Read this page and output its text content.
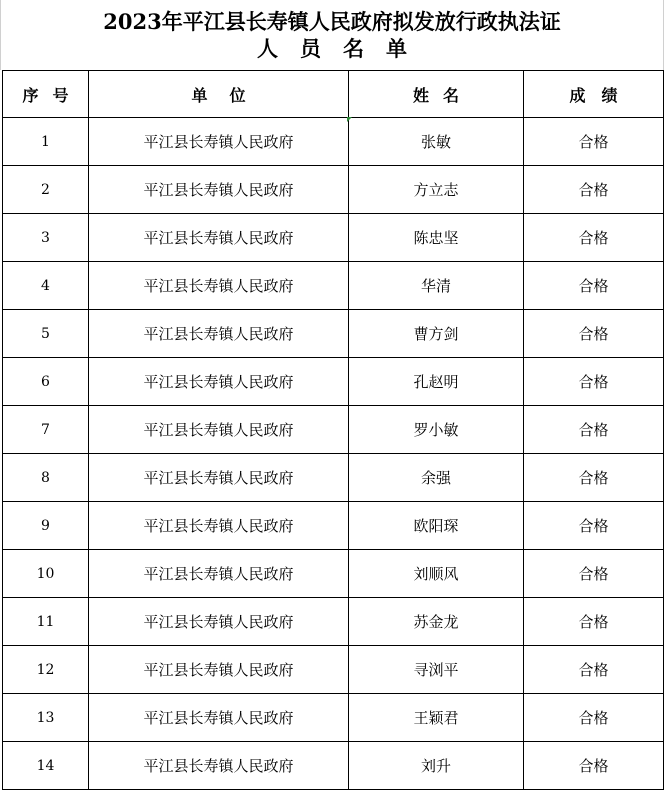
2023年平江县长寿镇人民政府拟发放行政执法证
人员名单
序号	单位	姓名	成绩
1	平江县长寿镇人民政府	张敏	合格
2	平江县长寿镇人民政府	方立志	合格
3	平江县长寿镇人民政府	陈忠坚	合格
4	平江县长寿镇人民政府	华清	合格
5	平江县长寿镇人民政府	曹方剑	合格
6	平江县长寿镇人民政府	孔赵明	合格
7	平江县长寿镇人民政府	罗小敏	合格
8	平江县长寿镇人民政府	余强	合格
9	平江县长寿镇人民政府	欧阳琛	合格
10	平江县长寿镇人民政府	刘顺风	合格
11	平江县长寿镇人民政府	苏金龙	合格
12	平江县长寿镇人民政府	寻浏平	合格
13	平江县长寿镇人民政府	王颖君	合格
14	平江县长寿镇人民政府	刘升	合格
